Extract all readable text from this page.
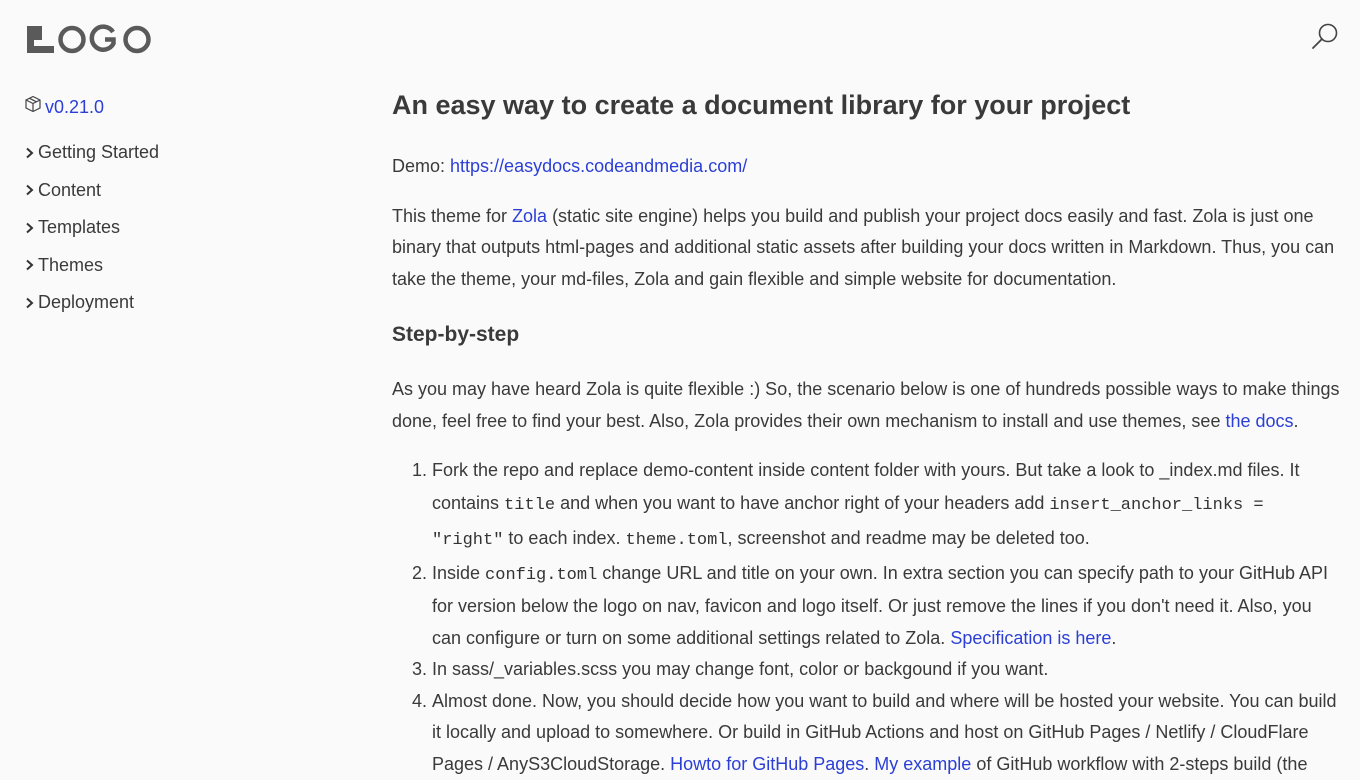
v0.21.0
Getting Started
Content
Templates
Themes
Deployment
An easy way to create a document library for your project

Demo: https://easydocs.codeandmedia.com/

This theme for Zola (static site engine) helps you build and publish your project docs easily and fast. Zola is just one binary that outputs html-pages and additional static assets after building your docs written in Markdown. Thus, you can take the theme, your md-files, Zola and gain flexible and simple website for documentation.

Step-by-step

As you may have heard Zola is quite flexible :) So, the scenario below is one of hundreds possible ways to make things done, feel free to find your best. Also, Zola provides their own mechanism to install and use themes, see the docs.

1. Fork the repo and replace demo-content inside content folder with yours. But take a look to _index.md files. It contains title and when you want to have anchor right of your headers add insert_anchor_links = "right" to each index. theme.toml, screenshot and readme may be deleted too.
2. Inside config.toml change URL and title on your own. In extra section you can specify path to your GitHub API for version below the logo on nav, favicon and logo itself. Or just remove the lines if you don't need it. Also, you can configure or turn on some additional settings related to Zola. Specification is here.
3. In sass/_variables.scss you may change font, color or backgound if you want.
4. Almost done. Now, you should decide how you want to build and where will be hosted your website. You can build it locally and upload to somewhere. Or build in GitHub Actions and host on GitHub Pages / Netlify / CloudFlare Pages / AnyS3CloudStorage. Howto for GitHub Pages. My example of GitHub workflow with 2-steps build (the
